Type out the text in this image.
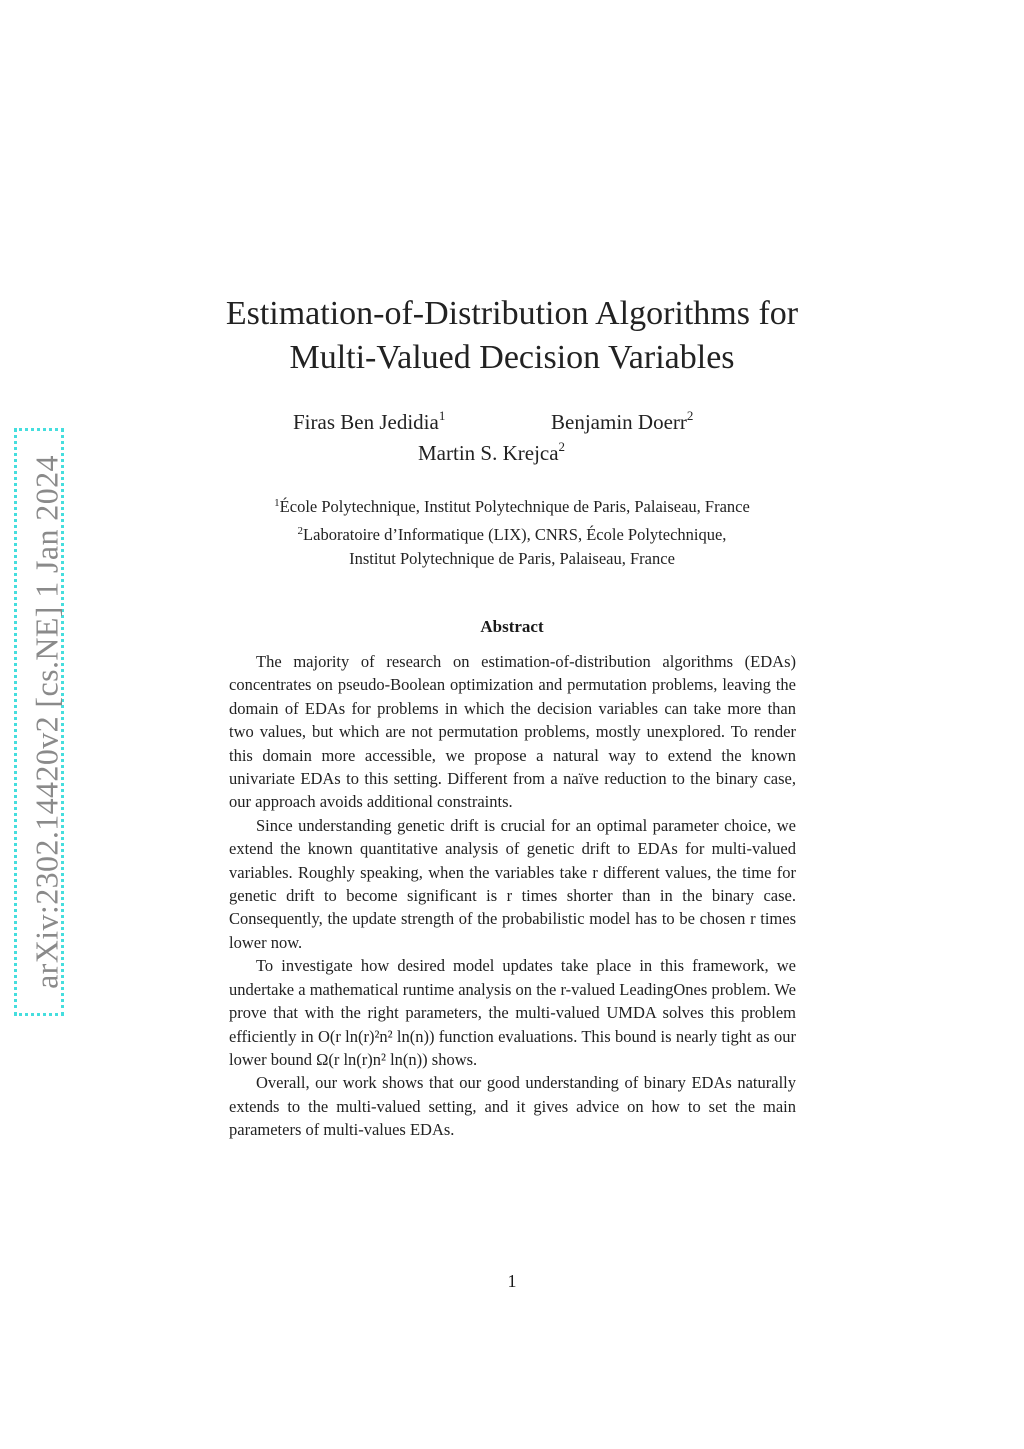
arXiv:2302.14420v2 [cs.NE] 1 Jan 2024
Estimation-of-Distribution Algorithms for
Multi-Valued Decision Variables
Firas Ben Jedidia$^1$	Benjamin Doerr$^2$
Martin S. Krejca$^2$
$^1$École Polytechnique, Institut Polytechnique de Paris, Palaiseau, France
$^2$Laboratoire d’Informatique (LIX), CNRS, École Polytechnique,
Institut Polytechnique de Paris, Palaiseau, France
Abstract

The majority of research on estimation-of-distribution algorithms (EDAs) concentrates on pseudo-Boolean optimization and permutation problems, leaving the domain of EDAs for problems in which the decision variables can take more than two values, but which are not permutation problems, mostly unexplored. To render this domain more accessible, we propose a natural way to extend the known univariate EDAs to this setting. Different from a naïve reduction to the binary case, our approach avoids additional constraints.

Since understanding genetic drift is crucial for an optimal parameter choice, we extend the known quantitative analysis of genetic drift to EDAs for multi-valued variables. Roughly speaking, when the variables take r different values, the time for genetic drift to become significant is r times shorter than in the binary case. Consequently, the update strength of the probabilistic model has to be chosen r times lower now.

To investigate how desired model updates take place in this framework, we undertake a mathematical runtime analysis on the r-valued LeadingOnes problem. We prove that with the right parameters, the multi-valued UMDA solves this problem efficiently in O(r ln(r)²n² ln(n)) function evaluations. This bound is nearly tight as our lower bound Ω(r ln(r)n² ln(n)) shows.

Overall, our work shows that our good understanding of binary EDAs naturally extends to the multi-valued setting, and it gives advice on how to set the main parameters of multi-values EDAs.

1
